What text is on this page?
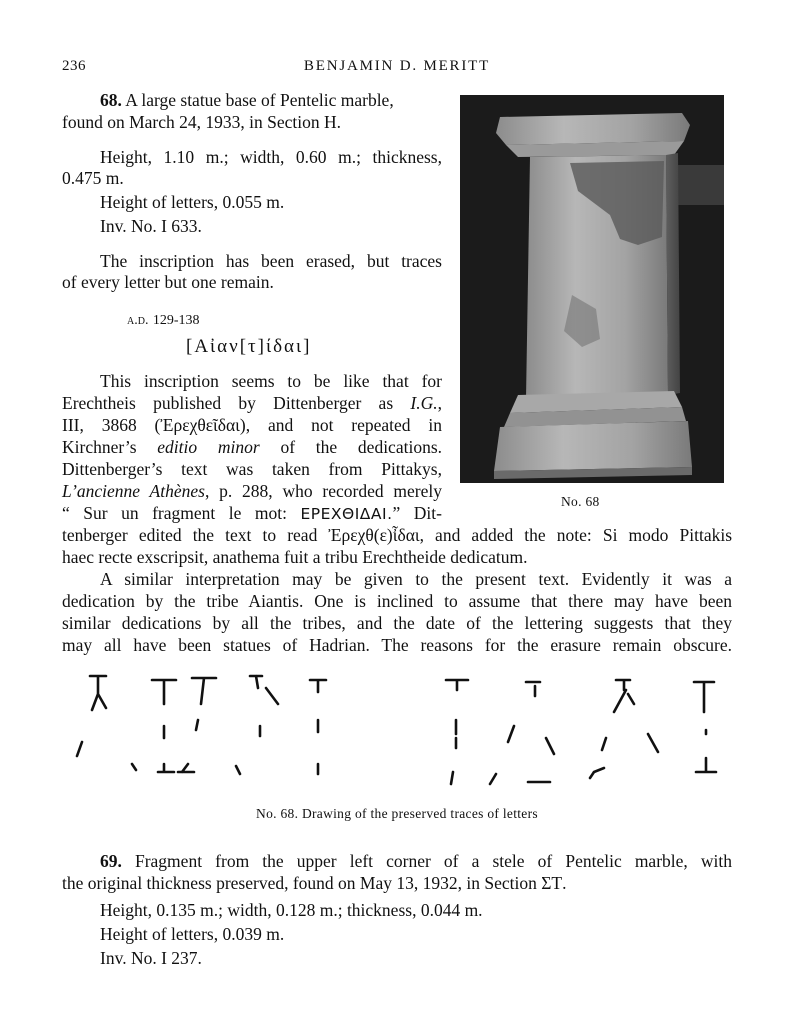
236	BENJAMIN D. MERITT
68. A large statue base of Pentelic marble,
found on March 24, 1933, in Section H.
Height, 1.10 m.; width, 0.60 m.; thickness,
0.475 m.
Height of letters, 0.055 m.
Inv. No. I 633.
The inscription has been erased, but traces
of every letter but one remain.
a.d. 129-138
[Αἰαν[τ]ίδαι]
This inscription seems to be like that for
Erechtheis published by Dittenberger as I.G.,
III, 3868 (Ἐρεχθεῖδαι), and not repeated in
Kirchner’s editio minor of the dedications.
Dittenberger’s text was taken from Pittakys,
L’ancienne Athènes, p. 288, who recorded merely
“ Sur un fragment le mot: ΕΡΕΧΘΙΔΑΙ.” Dit-
tenberger edited the text to read Ἐρεχθ(ε)ἶδαι, and added the note: Si modo Pittakis
haec recte exscripsit, anathema fuit a tribu Erechtheide dedicatum.
A similar interpretation may be given to the present text. Evidently it was a
dedication by the tribe Aiantis. One is inclined to assume that there may have been
similar dedications by all the tribes, and the date of the lettering suggests that they
may all have been statues of Hadrian. The reasons for the erasure remain obscure.
No. 68
No. 68. Drawing of the preserved traces of letters
69. Fragment from the upper left corner of a stele of Pentelic marble, with
the original thickness preserved, found on May 13, 1932, in Section ΣΤ.
Height, 0.135 m.; width, 0.128 m.; thickness, 0.044 m.
Height of letters, 0.039 m.
Inv. No. I 237.
